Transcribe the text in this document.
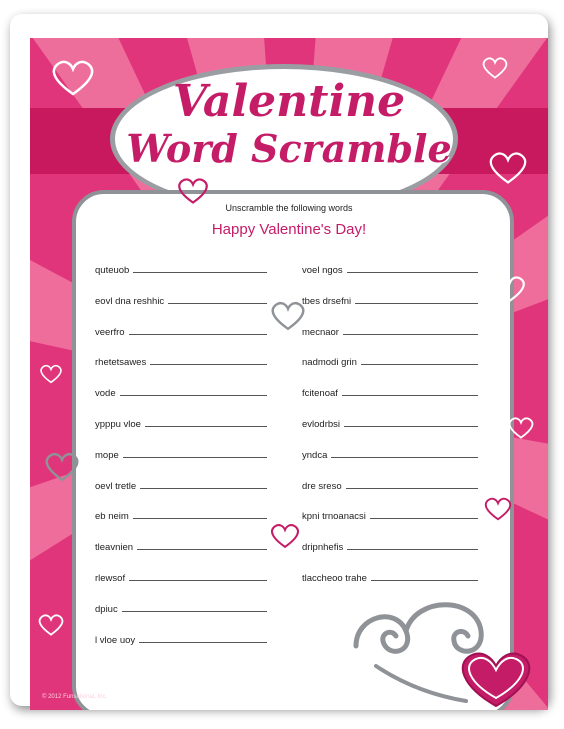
Valentine
Word Scramble
Unscramble the following words
Happy Valentine's Day!
© 2012 Funsational, Inc.
quteuob
eovl dna reshhic
veerfro
rhetetsawes
vode
ypppu vloe
mope
oevl tretle
eb neim
tleavnien
rlewsof
dpiuc
l vloe uoy
voel ngos
tbes drsefni
mecnaor
nadmodi grin
fcitenoaf
evlodrbsi
yndca
dre sreso
kpni trnoanacsi
dripnhefis
tlaccheoo trahe
